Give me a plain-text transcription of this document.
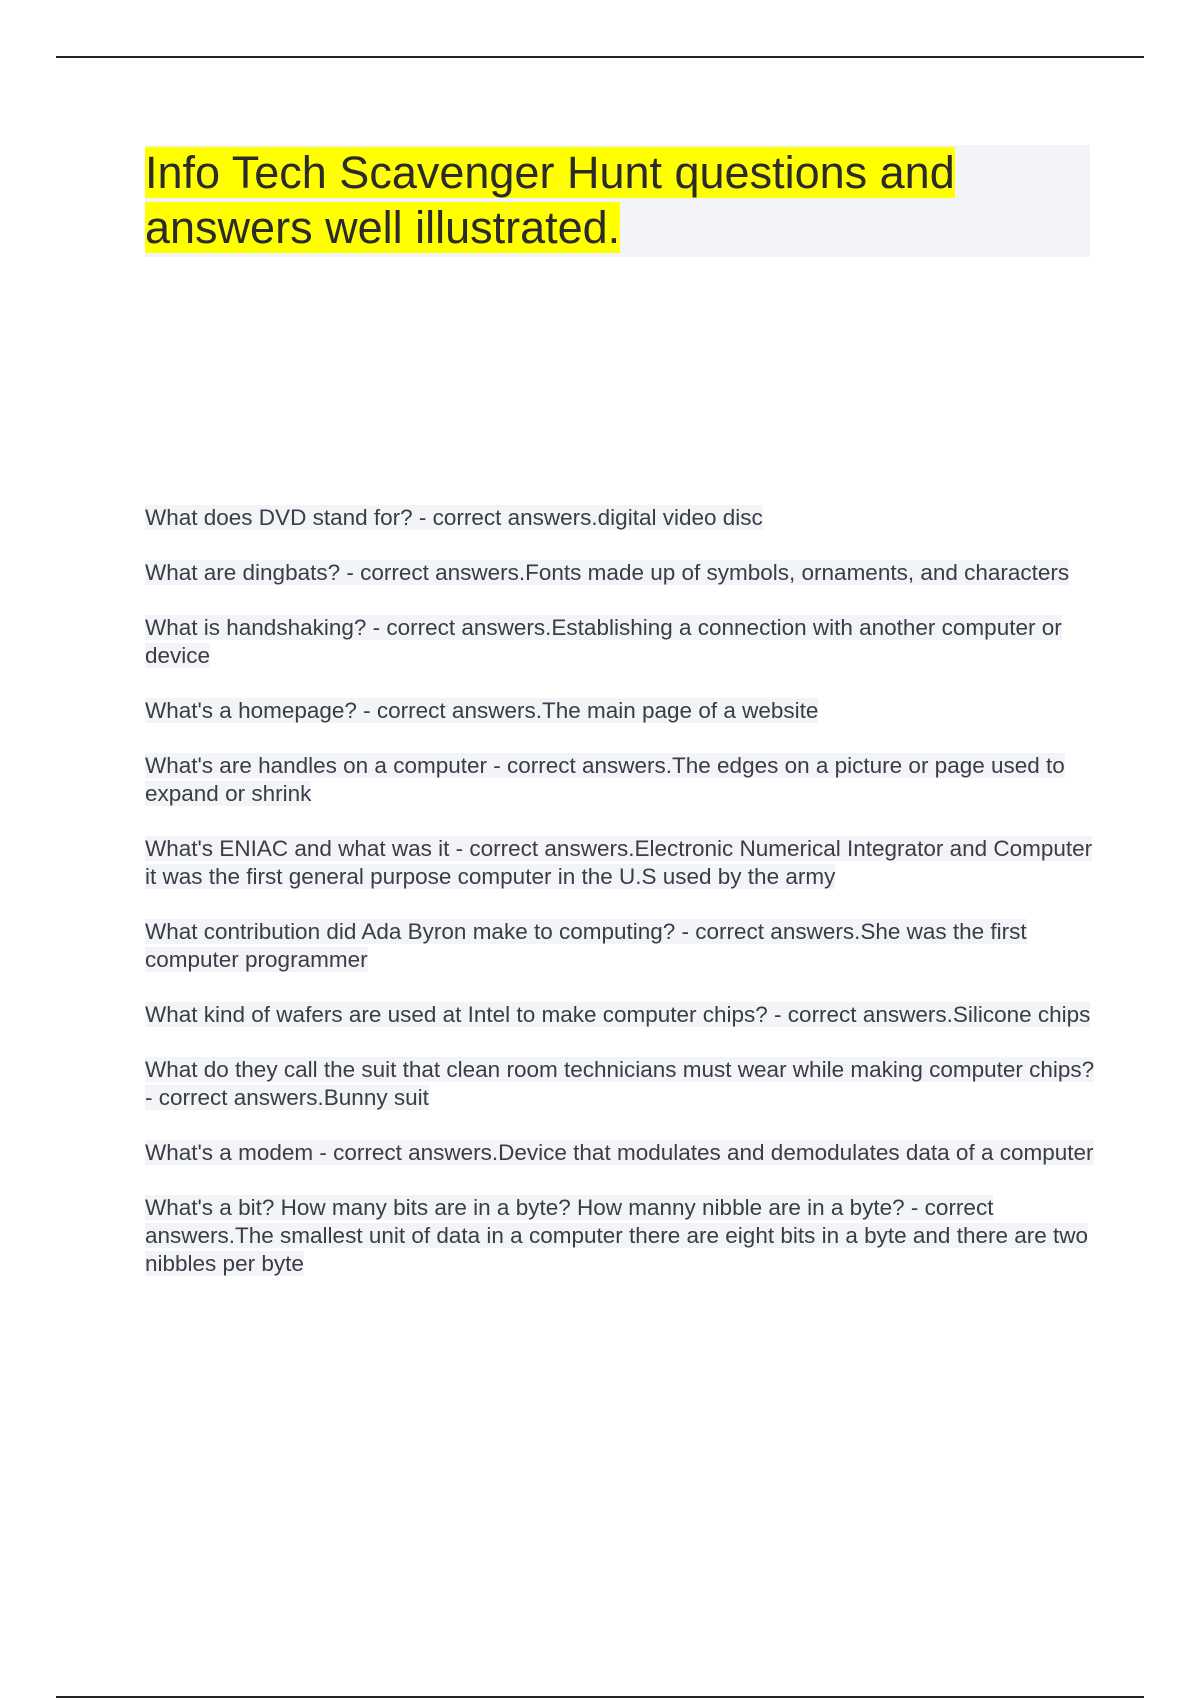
Info Tech Scavenger Hunt questions and answers well illustrated.
What does DVD stand for? - correct answers.digital video disc
What are dingbats? - correct answers.Fonts made up of symbols, ornaments, and characters
What is handshaking? - correct answers.Establishing a connection with another computer or device
What's a homepage? - correct answers.The main page of a website
What's are handles on a computer - correct answers.The edges on a picture or page used to expand or shrink
What's ENIAC and what was it - correct answers.Electronic Numerical Integrator and Computer it was the first general purpose computer in the U.S used by the army
What contribution did Ada Byron make to computing? - correct answers.She was the first computer programmer
What kind of wafers are used at Intel to make computer chips? - correct answers.Silicone chips
What do they call the suit that clean room technicians must wear while making computer chips? - correct answers.Bunny suit
What's a modem - correct answers.Device that modulates and demodulates data of a computer
What's a bit? How many bits are in a byte? How manny nibble are in a byte? - correct answers.The smallest unit of data in a computer there are eight bits in a byte and there are two nibbles per byte
